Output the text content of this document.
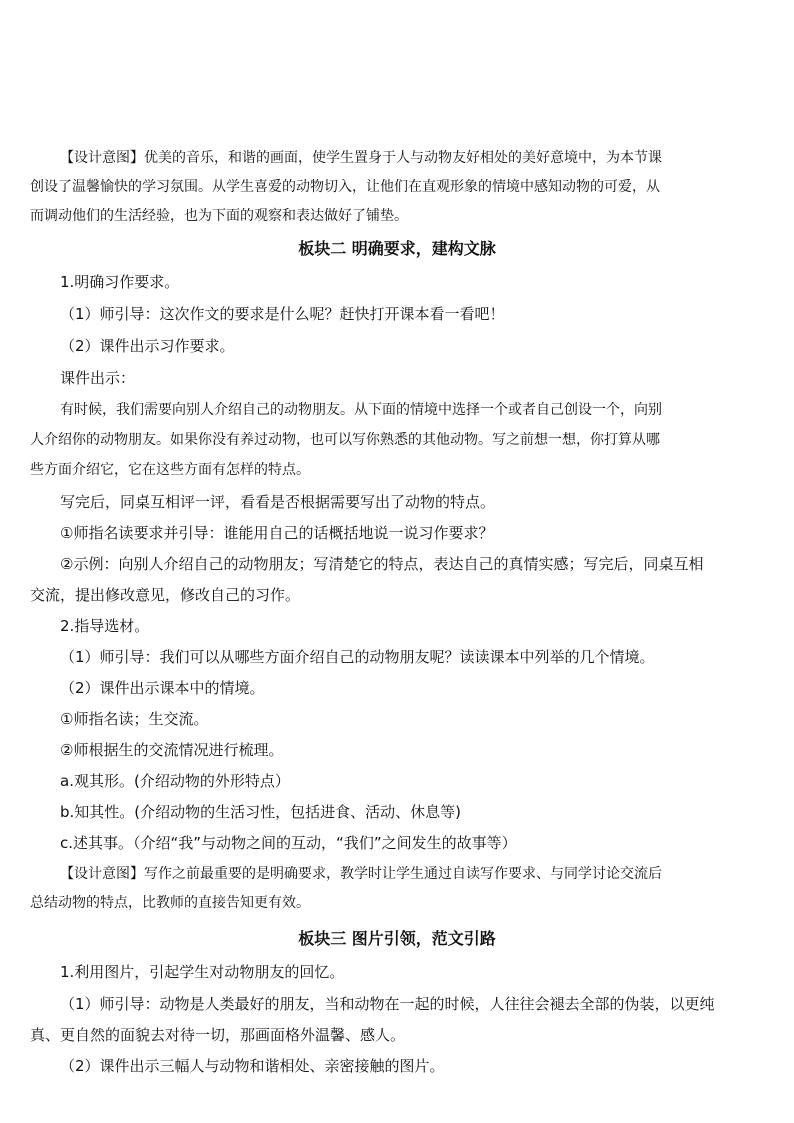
【设计意图】优美的音乐，和谐的画面，使学生置身于人与动物友好相处的美好意境中，为本节课
创设了温馨愉快的学习氛围。从学生喜爱的动物切入，让他们在直观形象的情境中感知动物的可爱，从
而调动他们的生活经验，也为下面的观察和表达做好了铺垫。
板块二 明确要求，建构文脉
1.明确习作要求。
（1）师引导：这次作文的要求是什么呢？赶快打开课本看一看吧！
（2）课件出示习作要求。
课件出示：
有时候，我们需要向别人介绍自己的动物朋友。从下面的情境中选择一个或者自己创设一个，向别
人介绍你的动物朋友。如果你没有养过动物，也可以写你熟悉的其他动物。写之前想一想，你打算从哪
些方面介绍它，它在这些方面有怎样的特点。
写完后，同桌互相评一评，看看是否根据需要写出了动物的特点。
①师指名读要求并引导：谁能用自己的话概括地说一说习作要求？
②示例：向别人介绍自己的动物朋友；写清楚它的特点，表达自己的真情实感；写完后，同桌互相
交流，提出修改意见，修改自己的习作。
2.指导选材。
（1）师引导：我们可以从哪些方面介绍自己的动物朋友呢？读读课本中列举的几个情境。
（2）课件出示课本中的情境。
①师指名读；生交流。
②师根据生的交流情况进行梳理。
a.观其形。(介绍动物的外形特点）
b.知其性。(介绍动物的生活习性，包括进食、活动、休息等)
c.述其事。（介绍“我”与动物之间的互动，“我们”之间发生的故事等）
【设计意图】写作之前最重要的是明确要求，教学时让学生通过自读写作要求、与同学讨论交流后
总结动物的特点，比教师的直接告知更有效。
板块三 图片引领，范文引路
1.利用图片，引起学生对动物朋友的回忆。
（1）师引导：动物是人类最好的朋友，当和动物在一起的时候，人往往会褪去全部的伪装，以更纯
真、更自然的面貌去对待一切，那画面格外温馨、感人。
（2）课件出示三幅人与动物和谐相处、亲密接触的图片。
